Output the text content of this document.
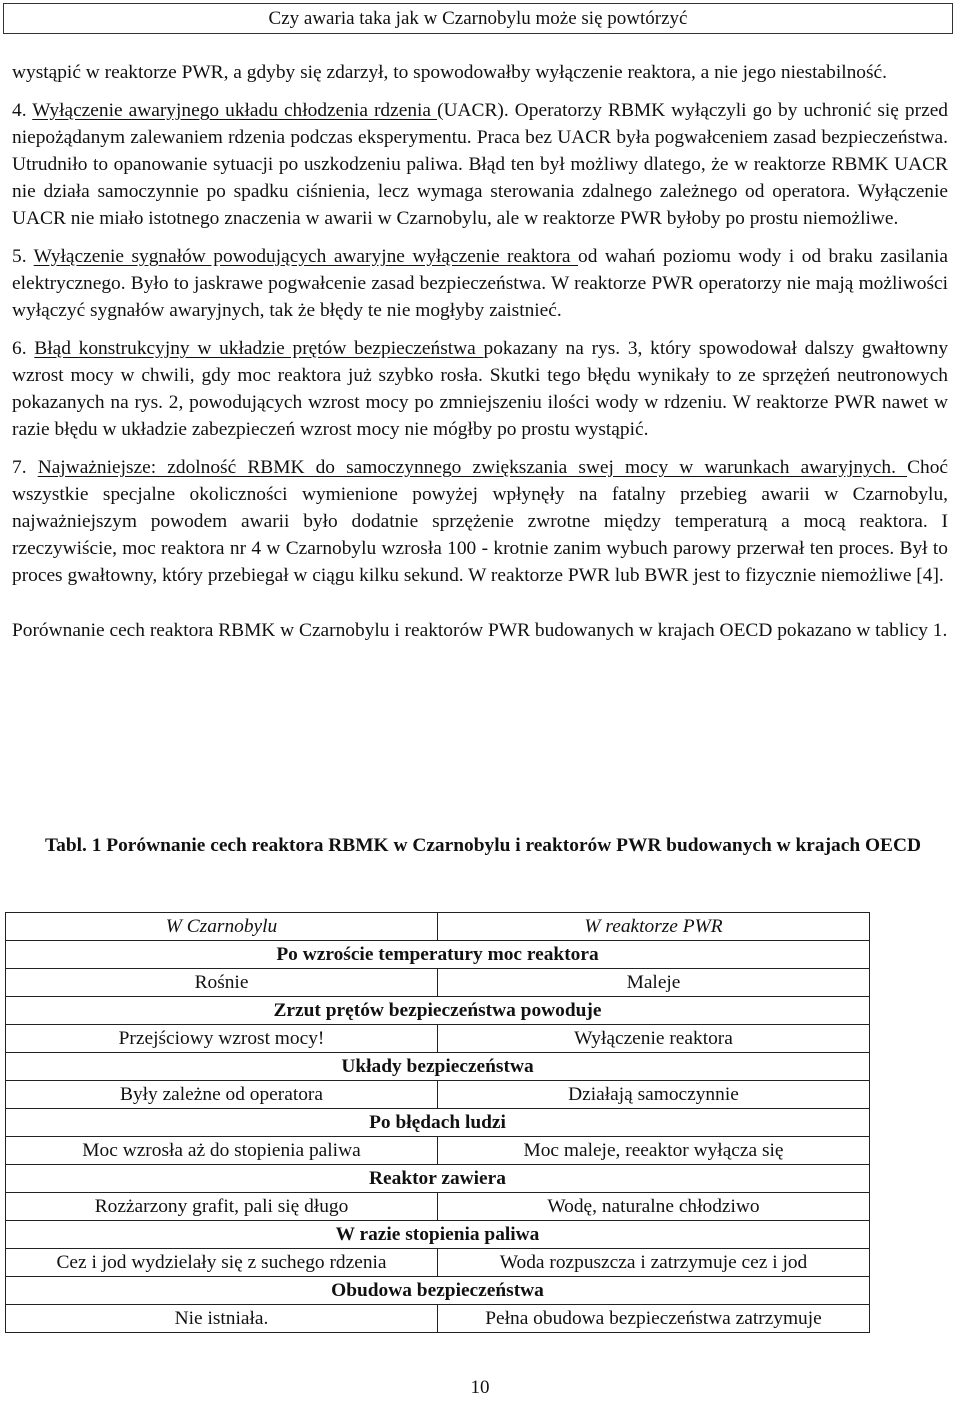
Czy awaria taka jak w Czarnobylu może się powtórzyć

wystąpić w reaktorze PWR, a gdyby się zdarzył, to spowodowałby wyłączenie reaktora, a nie jego niestabilność.

4. Wyłączenie awaryjnego układu chłodzenia rdzenia (UACR). Operatorzy RBMK wyłączyli go by uchronić się przed niepożądanym zalewaniem rdzenia podczas eksperymentu. Praca bez UACR była pogwałceniem zasad bezpieczeństwa. Utrudniło to opanowanie sytuacji po uszkodzeniu paliwa. Błąd ten był możliwy dlatego, że w reaktorze RBMK UACR nie działa samoczynnie po spadku ciśnienia, lecz wymaga sterowania zdalnego zależnego od operatora. Wyłączenie UACR nie miało istotnego znaczenia w awarii w Czarnobylu, ale w reaktorze PWR byłoby po prostu niemożliwe.

5. Wyłączenie sygnałów powodujących awaryjne wyłączenie reaktora od wahań poziomu wody i od braku zasilania elektrycznego. Było to jaskrawe pogwałcenie zasad bezpieczeństwa. W reaktorze PWR operatorzy nie mają możliwości wyłączyć sygnałów awaryjnych, tak że błędy te nie mogłyby zaistnieć.

6. Błąd konstrukcyjny w układzie prętów bezpieczeństwa pokazany na rys. 3, który spowodował dalszy gwałtowny wzrost mocy w chwili, gdy moc reaktora już szybko rosła. Skutki tego błędu wynikały to ze sprzężeń neutronowych pokazanych na rys. 2, powodujących wzrost mocy po zmniejszeniu ilości wody w rdzeniu. W reaktorze PWR nawet w razie błędu w układzie zabezpieczeń wzrost mocy nie mógłby po prostu wystąpić.

7. Najważniejsze: zdolność RBMK do samoczynnego zwiększania swej mocy w warunkach awaryjnych. Choć wszystkie specjalne okoliczności wymienione powyżej wpłynęły na fatalny przebieg awarii w Czarnobylu, najważniejszym powodem awarii było dodatnie sprzężenie zwrotne między temperaturą a mocą reaktora. I rzeczywiście, moc reaktora nr 4 w Czarnobylu wzrosła 100 - krotnie zanim wybuch parowy przerwał ten proces. Był to proces gwałtowny, który przebiegał w ciągu kilku sekund. W reaktorze PWR lub BWR jest to fizycznie niemożliwe [4].

Porównanie cech reaktora RBMK w Czarnobylu i reaktorów PWR budowanych w krajach OECD pokazano w tablicy 1.

Tabl. 1 Porównanie cech reaktora RBMK w Czarnobylu i reaktorów PWR budowanych w krajach OECD
W Czarnobylu	W reaktorze PWR
Po wzroście temperatury moc reaktora	
Rośnie	Maleje
Zrzut prętów bezpieczeństwa powoduje	
Przejściowy wzrost mocy!	Wyłączenie reaktora
Układy bezpieczeństwa	
Były zależne od operatora	Działają samoczynnie
Po błędach ludzi	
Moc wzrosła aż do stopienia paliwa	Moc maleje, reeaktor wyłącza się
Reaktor zawiera	
Rozżarzony grafit, pali się długo	Wodę, naturalne chłodziwo
W razie stopienia paliwa	
Cez i jod wydzielały się z suchego rdzenia	Woda rozpuszcza i zatrzymuje cez i jod
Obudowa bezpieczeństwa	
Nie istniała.	Pełna obudowa bezpieczeństwa zatrzymuje
10
